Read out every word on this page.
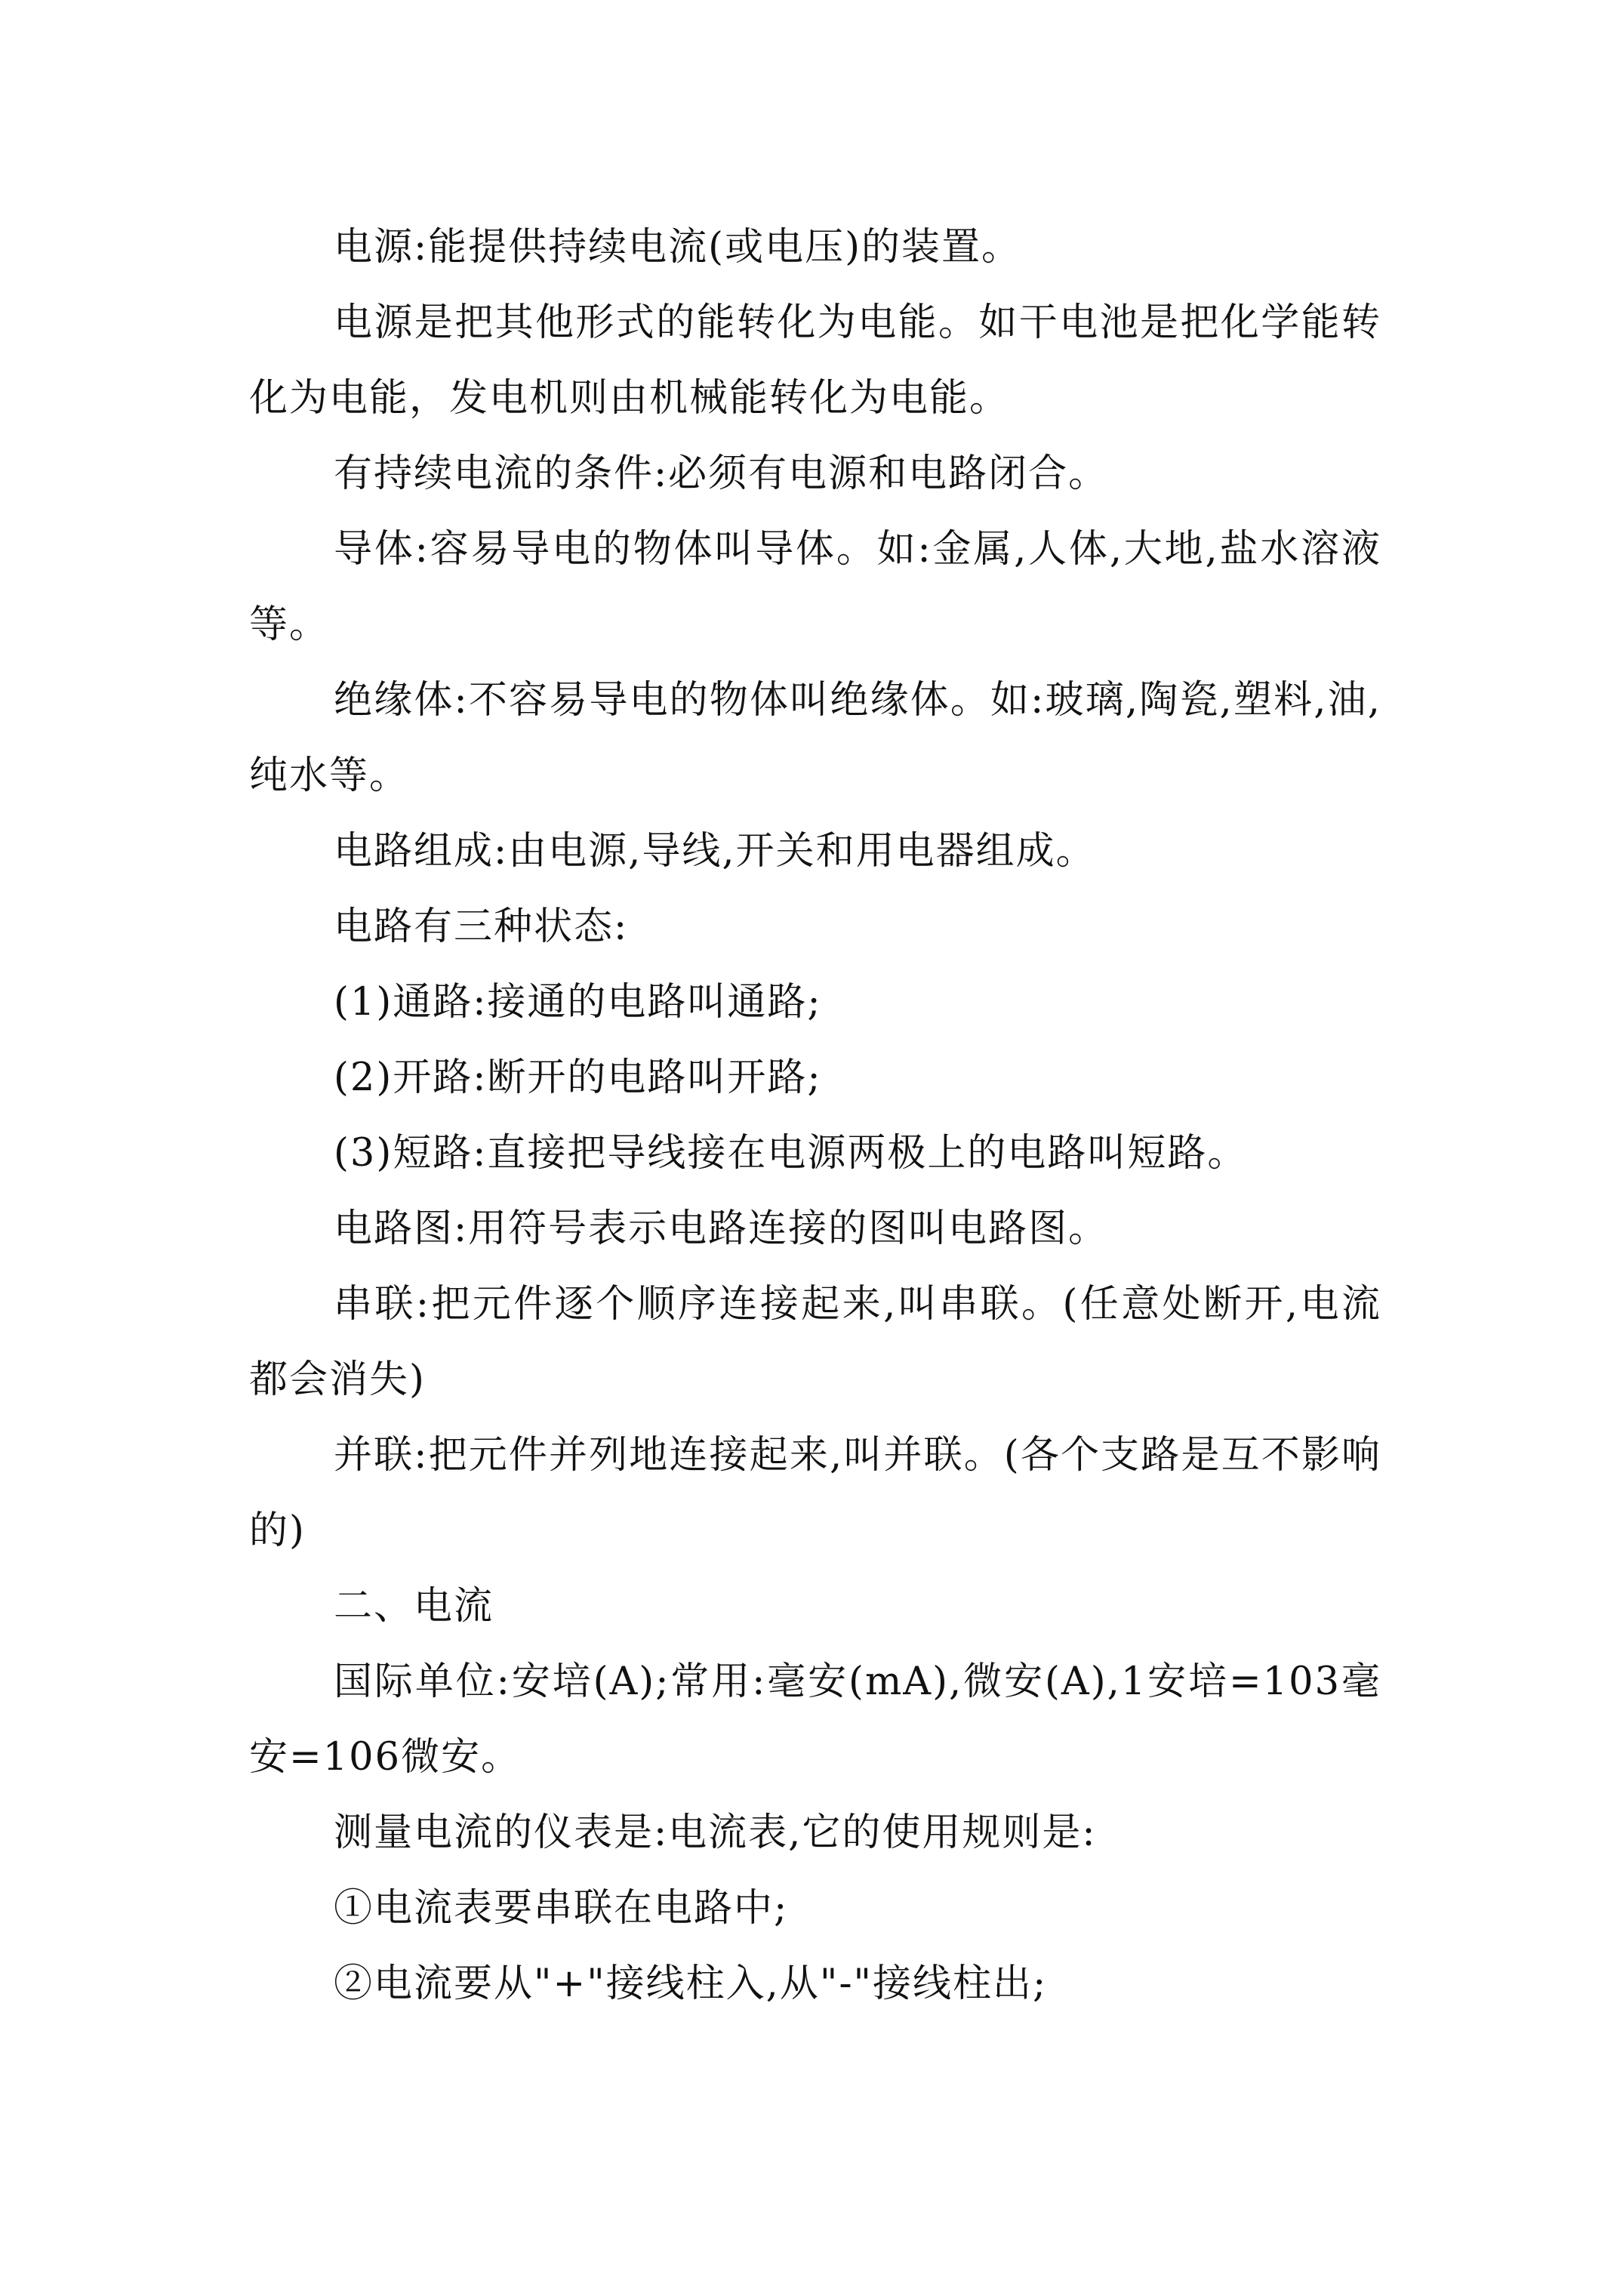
电源:能提供持续电流(或电压)的装置。

电源是把其他形式的能转化为电能。如干电池是把化学能转化为电能，发电机则由机械能转化为电能。

有持续电流的条件:必须有电源和电路闭合。

导体:容易导电的物体叫导体。如:金属,人体,大地,盐水溶液等。

绝缘体:不容易导电的物体叫绝缘体。如:玻璃,陶瓷,塑料,油,纯水等。

电路组成:由电源,导线,开关和用电器组成。

电路有三种状态:

(1)通路:接通的电路叫通路;

(2)开路:断开的电路叫开路;

(3)短路:直接把导线接在电源两极上的电路叫短路。

电路图:用符号表示电路连接的图叫电路图。

串联:把元件逐个顺序连接起来,叫串联。(任意处断开,电流都会消失)

并联:把元件并列地连接起来,叫并联。(各个支路是互不影响的)

二、电流

国际单位:安培(A);常用:毫安(mA),微安(A),1安培=103毫安=106微安。

测量电流的仪表是:电流表,它的使用规则是:

①电流表要串联在电路中;

②电流要从"+"接线柱入,从"-"接线柱出;
